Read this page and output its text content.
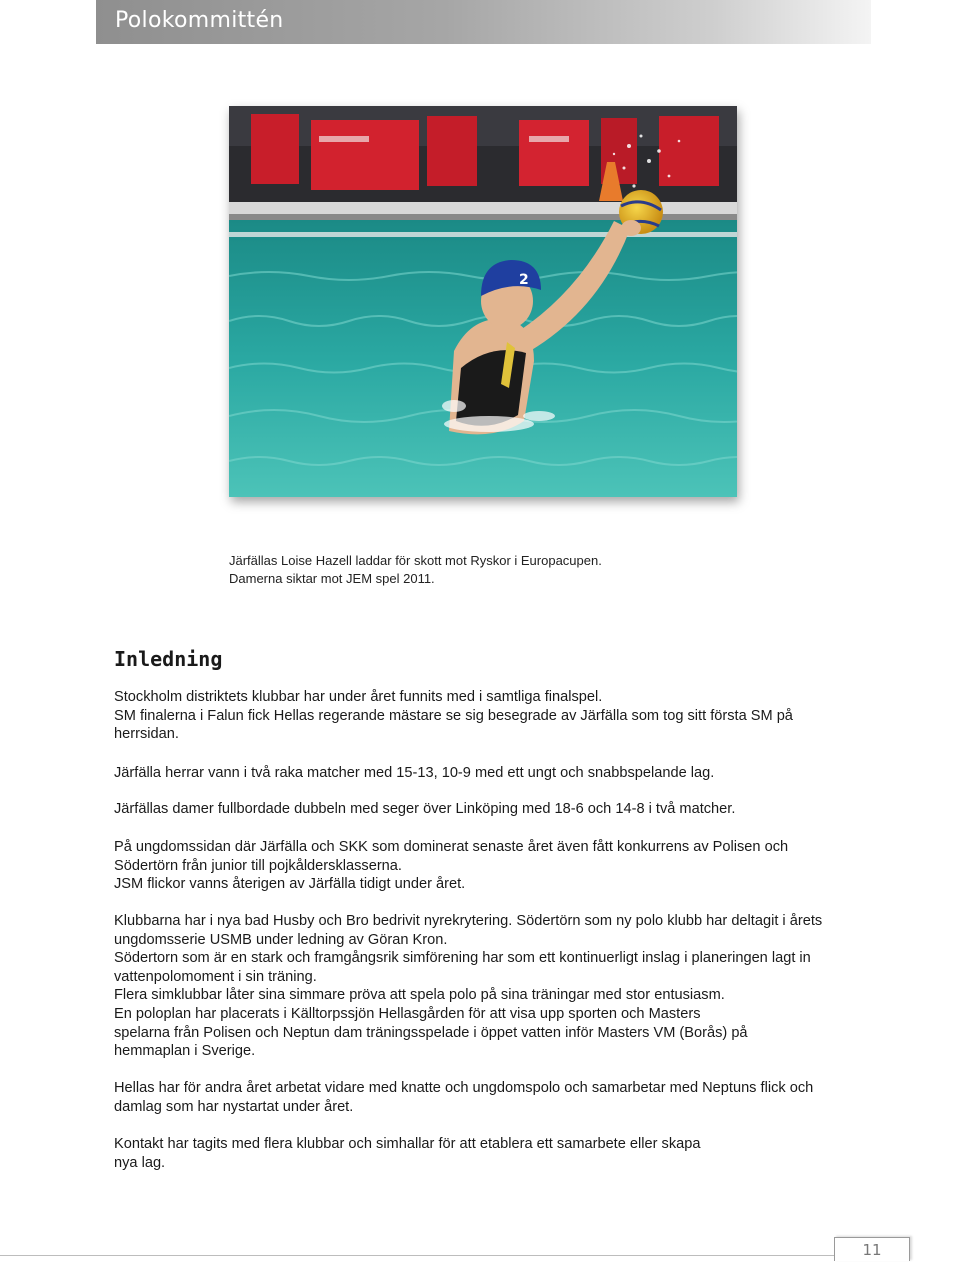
Polokommittén
2
Järfällas Loise Hazell laddar för skott mot Ryskor i Europacupen.
Damerna siktar mot JEM spel 2011.
Inledning

Stockholm distriktets klubbar har under året funnits med i samtliga finalspel.
SM finalerna i Falun fick Hellas regerande mästare se sig besegrade av Järfälla som tog sitt första SM på
herrsidan.

Järfälla herrar vann i två raka matcher med 15-13, 10-9 med ett ungt och snabbspelande lag.

Järfällas damer fullbordade dubbeln med seger över Linköping med 18-6 och 14-8 i två matcher.

På ungdomssidan där Järfälla och SKK som dominerat senaste året även fått konkurrens av Polisen och
Södertörn från junior till pojkåldersklasserna.
JSM flickor vanns återigen av Järfälla tidigt under året.

Klubbarna har i nya bad Husby och Bro bedrivit nyrekrytering. Södertörn som ny polo klubb har deltagit i årets
ungdomsserie USMB under ledning av Göran Kron.
Södertorn som är en stark och framgångsrik simförening har som ett kontinuerligt inslag i planeringen lagt in
vattenpolomoment i sin träning.
Flera simklubbar låter sina simmare pröva att spela polo på sina träningar med stor entusiasm.
En poloplan har placerats i Källtorpssjön Hellasgården för att visa upp sporten och Masters
spelarna från Polisen och Neptun dam träningsspelade i öppet vatten inför Masters VM (Borås) på
hemmaplan i Sverige.

Hellas har för andra året arbetat vidare med knatte och ungdomspolo och samarbetar med Neptuns flick och
damlag som har nystartat under året.

Kontakt har tagits med flera klubbar och simhallar för att etablera ett samarbete eller skapa
nya lag.

11
